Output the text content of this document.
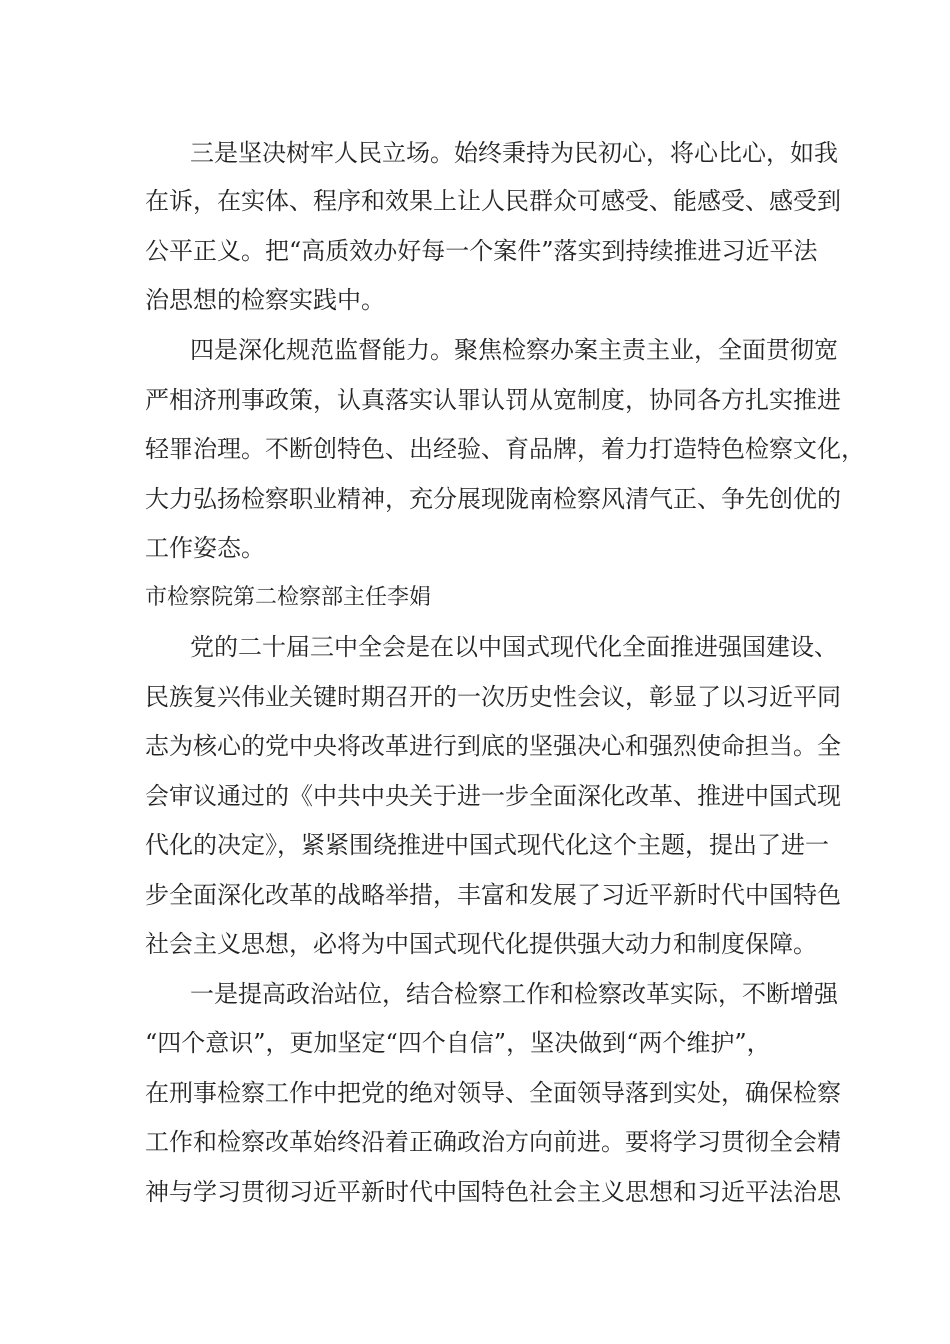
三是坚决树牢人民立场。始终秉持为民初心，将心比心，如我
在诉，在实体、程序和效果上让人民群众可感受、能感受、感受到
公平正义。把“高质效办好每一个案件”落实到持续推进习近平法
治思想的检察实践中。
四是深化规范监督能力。聚焦检察办案主责主业，全面贯彻宽
严相济刑事政策，认真落实认罪认罚从宽制度，协同各方扎实推进
轻罪治理。不断创特色、出经验、育品牌，着力打造特色检察文化，
大力弘扬检察职业精神，充分展现陇南检察风清气正、争先创优的
工作姿态。
市检察院第二检察部主任李娟
党的二十届三中全会是在以中国式现代化全面推进强国建设、
民族复兴伟业关键时期召开的一次历史性会议，彰显了以习近平同
志为核心的党中央将改革进行到底的坚强决心和强烈使命担当。全
会审议通过的《中共中央关于进一步全面深化改革、推进中国式现
代化的决定》，紧紧围绕推进中国式现代化这个主题，提出了进一
步全面深化改革的战略举措，丰富和发展了习近平新时代中国特色
社会主义思想，必将为中国式现代化提供强大动力和制度保障。
一是提高政治站位，结合检察工作和检察改革实际，不断增强
“四个意识”，更加坚定“四个自信”，坚决做到“两个维护”，
在刑事检察工作中把党的绝对领导、全面领导落到实处，确保检察
工作和检察改革始终沿着正确政治方向前进。要将学习贯彻全会精
神与学习贯彻习近平新时代中国特色社会主义思想和习近平法治思
